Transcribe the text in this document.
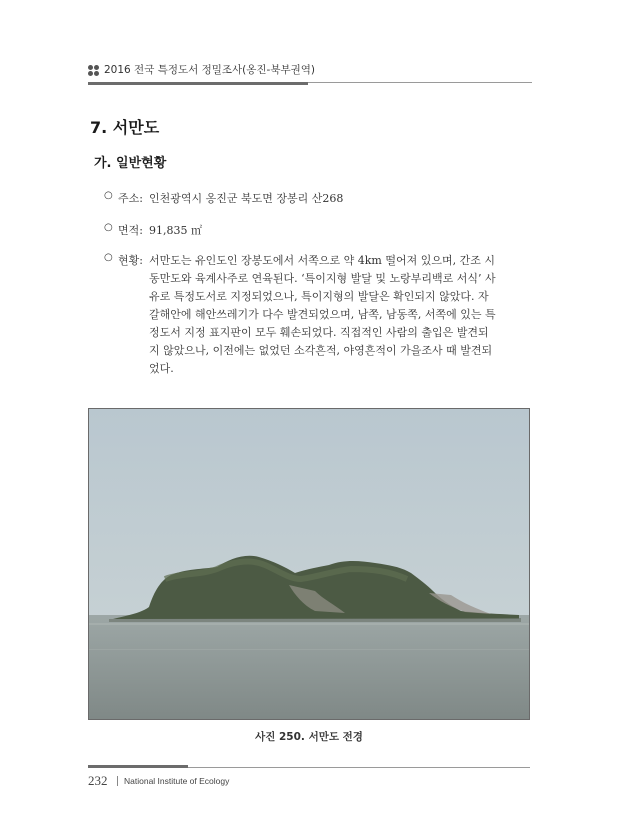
2016 전국 특정도서 정밀조사(옹진-북부권역)
7. 서만도
가. 일반현황
○ 주소: 인천광역시 옹진군 북도면 장봉리 산268
○ 면적: 91,835 ㎡
○ 현황: 서만도는 유인도인 장봉도에서 서쪽으로 약 4km 떨어져 있으며, 간조 시
동만도와 육계사주로 연육된다. ‘특이지형 발달 및 노랑부리백로 서식’ 사
유로 특정도서로 지정되었으나, 특이지형의 발달은 확인되지 않았다. 자
갈해안에 해안쓰레기가 다수 발견되었으며, 남쪽, 남동쪽, 서쪽에 있는 특
정도서 지정 표지판이 모두 훼손되었다. 직접적인 사람의 출입은 발견되
지 않았으나, 이전에는 없었던 소각흔적, 야영흔적이 가을조사 때 발견되
었다.
사진 250. 서만도 전경
232 National Institute of Ecology
